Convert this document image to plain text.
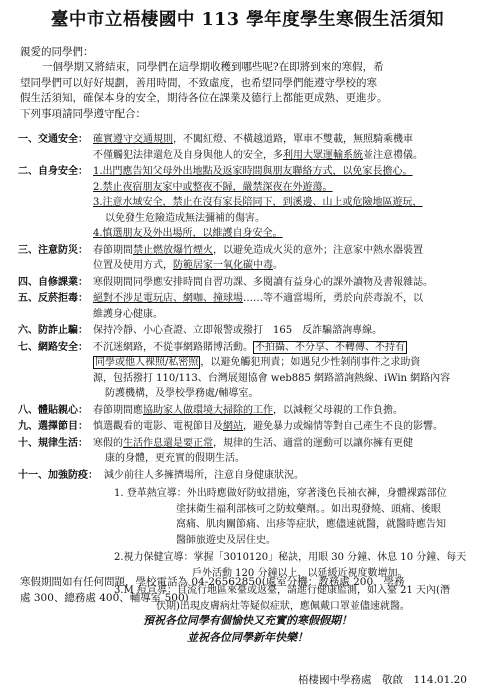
臺中市立梧棲國中 113 學年度學生寒假生活須知
親愛的同學們：

一個學期又將結束，同學們在這學期收穫到哪些呢?在即將到來的寒假，希

望同學們可以好好規劃，善用時間，不致虛度，也希望同學們能遵守學校的寒

假生活須知，確保本身的安全，期待各位在課業及德行上都能更成熟、更進步。

下列事項請同學遵守配合：

一、交通安全： 確實遵守交通規則，不闖紅燈、不橫越道路，單車不雙載，無照騎乘機車
不僅觸犯法律還危及自身與他人的安全，多利用大眾運輸系統並注意禮儀。
二、自身安全： 1.出門應告知父母外出地點及返家時間與朋友聯絡方式，以免家長擔心。
2.禁止夜宿朋友家中或整夜不歸，嚴禁深夜在外遊蕩。
3.注意水域安全，禁止在沒有家長陪同下，到溪邊、山上或危險地區遊玩，
以免發生危險造成無法彌補的傷害。
4.慎選朋友及外出場所，以維護自身安全。
三、注意防災： 春節期間禁止燃放爆竹煙火，以避免造成火災的意外；注意家中熱水器裝置
位置及使用方式，防範居家一氧化碳中毒。
四、自修課業： 寒假期間同學應安排時間自習功課、多閱讀有益身心的課外讀物及書報雜誌。
五、反菸拒毒： 絕對不涉足電玩店、網咖、撞球場……等不適當場所，勇於向菸毒說不，以
維護身心健康。
六、防詐止騙： 保持冷靜、小心查證、立即報警或撥打　165　反詐騙諮詢專線。
七、網路安全： 不沉迷網路，不從事網路賭博活動。 不拍攝、不分享、不轉傳、不持有
同學或他人裸照/私密照 ，以避免觸犯刑責；如遇兒少性剝削事件之求助資
源，包括撥打 110/113、台灣展翅協會 web885 網路諮詢熱線、iWin 網路內容
防護機構，及學校學務處/輔導室。
八、體貼親心： 春節期間應協助家人做環境大掃除的工作，以減輕父母親的工作負擔。
九、選擇節目： 慎選觀看的電影、電視節目及網站，避免暴力或煽情等對自己產生不良的影響。
十、規律生活： 寒假的生活作息還是要正常，規律的生活、適當的運動可以讓你擁有更健
康的身體，更充實的假期生活。
十一、加強防疫： 減少前往人多擁擠場所，注意自身健康狀況。
1. 登革熱宣導：外出時應做好防蚊措施，穿著淺色長袖衣褲，身體裸露部位
塗抹衛生福利部核可之防蚊藥劑。。如出現發燒、頭痛、後眼
窩痛、肌肉關節痛、出疹等症狀，應儘速就醫，就醫時應告知
醫師旅遊史及居住史。
2.視力保健宣導：掌握「3010120」秘訣，用眼 30 分鐘、休息 10 分鐘、每天
戶外活動 120 分鐘以上，以延緩近視度數增加。
3.M 痘宣導：自流行地區來臺或返臺，請進行健康監測，如入臺 21 天內(潛
伏期)出現皮膚病灶等疑似症狀，應佩戴口罩並儘速就醫。
寒假期間如有任何問題，學校電話為 04-26562850(處室分機：教務處 200、學務
處 300、總務處 400、輔導室 500)
預祝各位同學有個愉快又充實的寒假假期！
並祝各位同學新年快樂！
梧棲國中學務處　敬啟　114.01.20
